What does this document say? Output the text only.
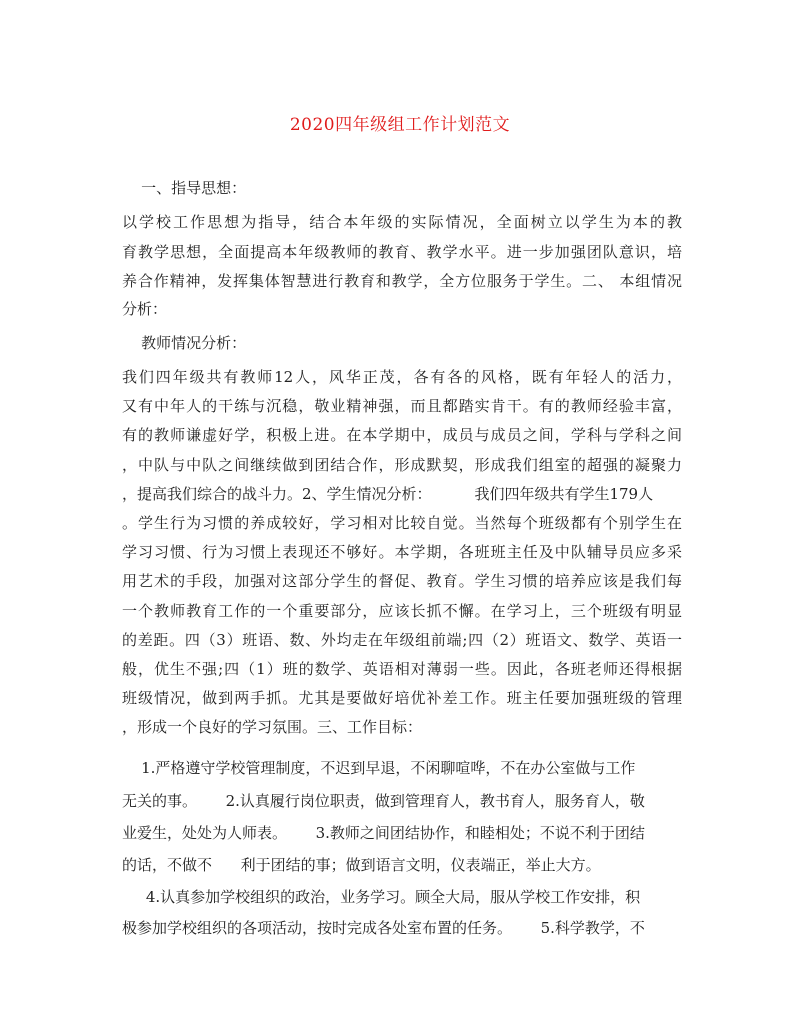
2020四年级组工作计划范文
一、指导思想：
以学校工作思想为指导，结合本年级的实际情况，全面树立以学生为本的教
育教学思想，全面提高本年级教师的教育、教学水平。进一步加强团队意识，培
养合作精神，发挥集体智慧进行教育和教学，全方位服务于学生。二、 本组情况
分析：
教师情况分析：
我们四年级共有教师12人，风华正茂，各有各的风格，既有年轻人的活力，
又有中年人的干练与沉稳，敬业精神强，而且都踏实肯干。有的教师经验丰富，
有的教师谦虚好学，积极上进。在本学期中，成员与成员之间，学科与学科之间
，中队与中队之间继续做到团结合作，形成默契，形成我们组室的超强的凝聚力
，提高我们综合的战斗力。2、学生情况分析：         我们四年级共有学生179人
。学生行为习惯的养成较好，学习相对比较自觉。当然每个班级都有个别学生在
学习习惯、行为习惯上表现还不够好。本学期，各班班主任及中队辅导员应多采
用艺术的手段，加强对这部分学生的督促、教育。学生习惯的培养应该是我们每
一个教师教育工作的一个重要部分，应该长抓不懈。在学习上，三个班级有明显
的差距。四（3）班语、数、外均走在年级组前端;四（2）班语文、数学、英语一
般，优生不强;四（1）班的数学、英语相对薄弱一些。因此，各班老师还得根据
班级情况，做到两手抓。尤其是要做好培优补差工作。班主任要加强班级的管理
，形成一个良好的学习氛围。三、工作目标：
1.严格遵守学校管理制度，不迟到早退，不闲聊喧哗，不在办公室做与工作
无关的事。      2.认真履行岗位职责，做到管理育人，教书育人，服务育人，敬
业爱生，处处为人师表。      3.教师之间团结协作，和睦相处；不说不利于团结
的话，不做不      利于团结的事；做到语言文明，仪表端正，举止大方。
4.认真参加学校组织的政治，业务学习。顾全大局，服从学校工作安排，积
极参加学校组织的各项活动，按时完成各处室布置的任务。      5.科学教学，不
